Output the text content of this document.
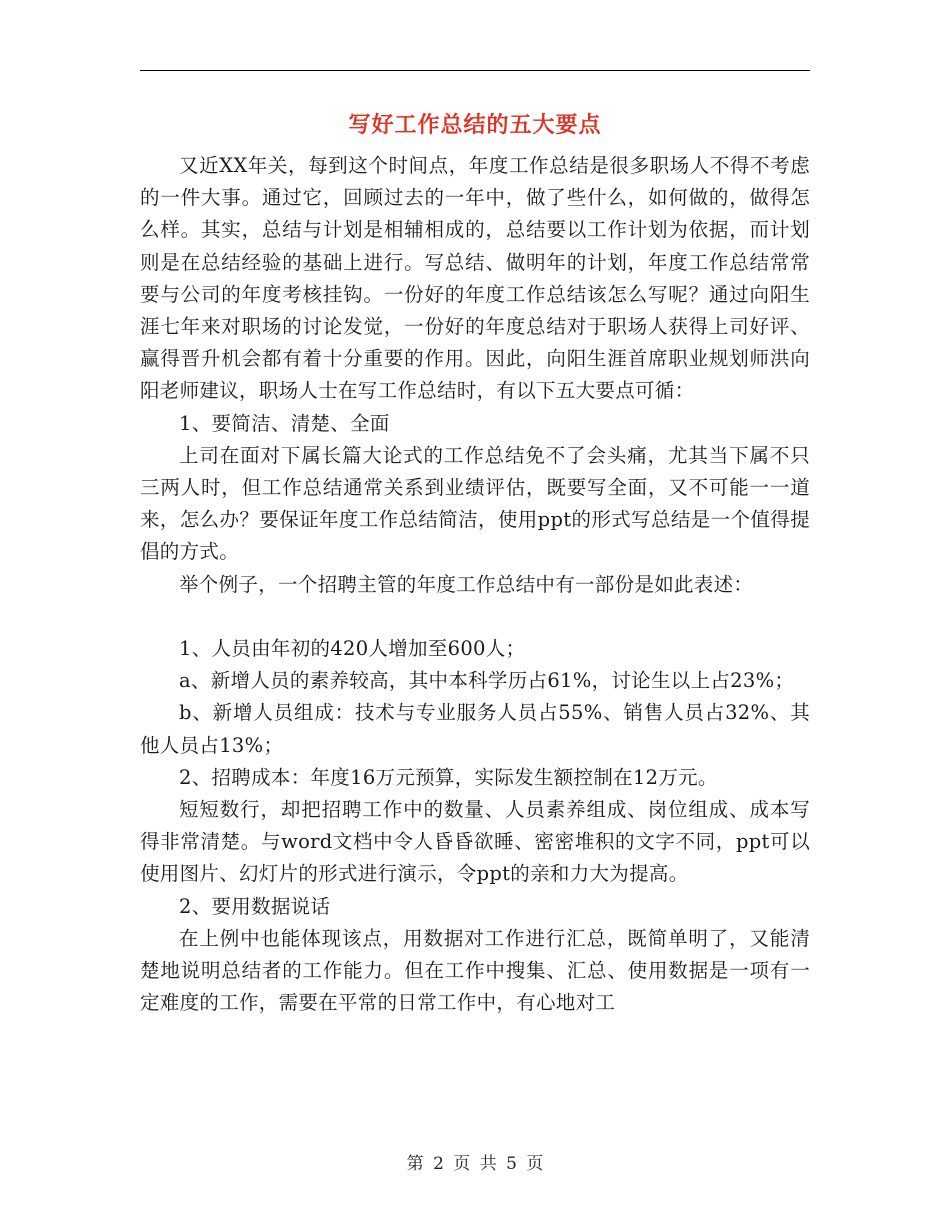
写好工作总结的五大要点

又近XX年关，每到这个时间点，年度工作总结是很多职场人不得不考虑的一件大事。通过它，回顾过去的一年中，做了些什么，如何做的，做得怎么样。其实，总结与计划是相辅相成的，总结要以工作计划为依据，而计划则是在总结经验的基础上进行。写总结、做明年的计划，年度工作总结常常要与公司的年度考核挂钩。一份好的年度工作总结该怎么写呢？通过向阳生涯七年来对职场的讨论发觉，一份好的年度总结对于职场人获得上司好评、赢得晋升机会都有着十分重要的作用。因此，向阳生涯首席职业规划师洪向阳老师建议，职场人士在写工作总结时，有以下五大要点可循：

1、要简洁、清楚、全面

上司在面对下属长篇大论式的工作总结免不了会头痛，尤其当下属不只三两人时，但工作总结通常关系到业绩评估，既要写全面，又不可能一一道来，怎么办？要保证年度工作总结简洁，使用ppt的形式写总结是一个值得提倡的方式。

举个例子，一个招聘主管的年度工作总结中有一部份是如此表述：

1、人员由年初的420人增加至600人；

a、新增人员的素养较高，其中本科学历占61%，讨论生以上占23%；

b、新增人员组成：技术与专业服务人员占55%、销售人员占32%、其他人员占13%；

2、招聘成本：年度16万元预算，实际发生额控制在12万元。

短短数行，却把招聘工作中的数量、人员素养组成、岗位组成、成本写得非常清楚。与word文档中令人昏昏欲睡、密密堆积的文字不同，ppt可以使用图片、幻灯片的形式进行演示，令ppt的亲和力大为提高。

2、要用数据说话

在上例中也能体现该点，用数据对工作进行汇总，既简单明了，又能清楚地说明总结者的工作能力。但在工作中搜集、汇总、使用数据是一项有一定难度的工作，需要在平常的日常工作中，有心地对工

第 2 页 共 5 页
